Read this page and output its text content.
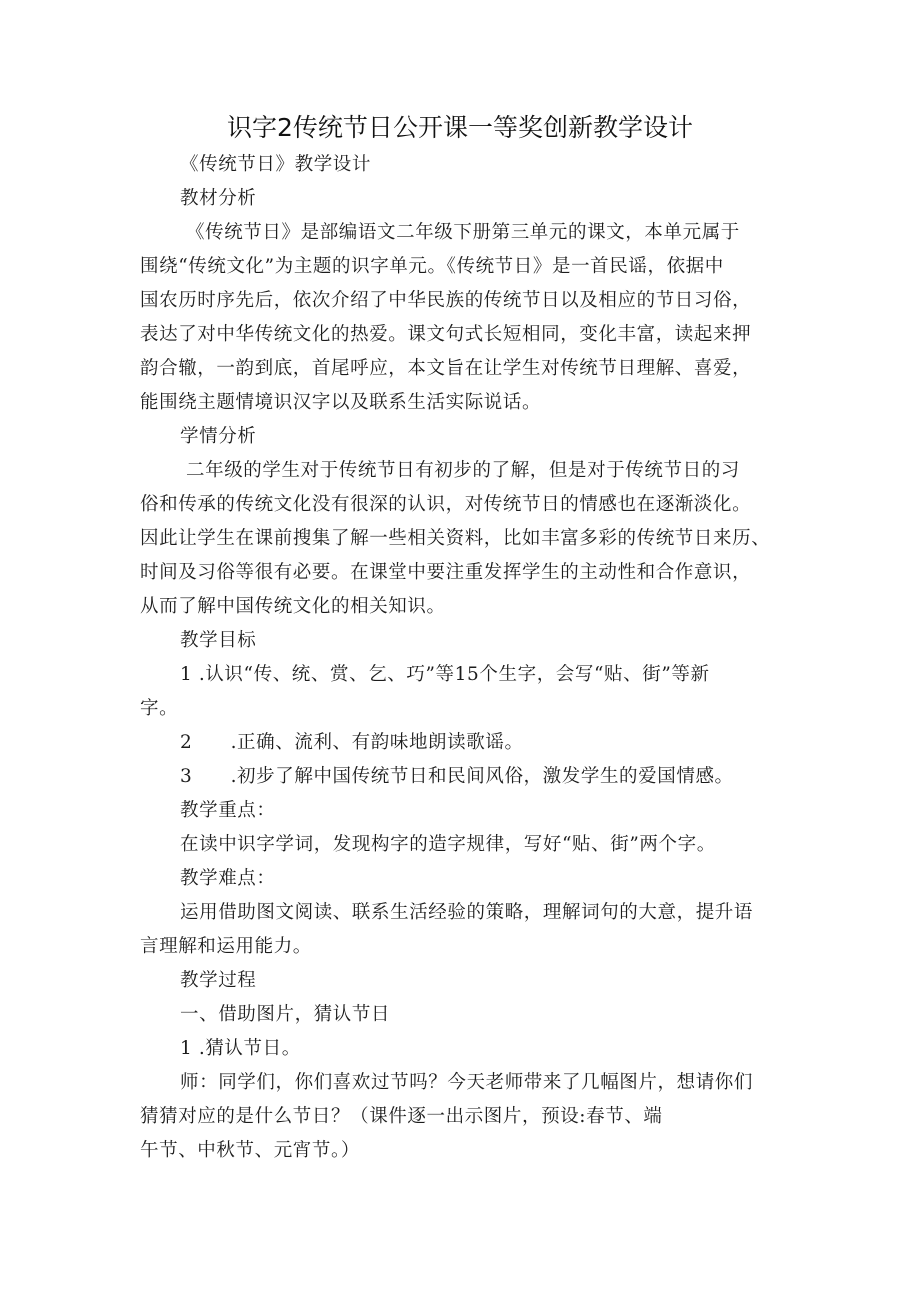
识字2传统节日公开课一等奖创新教学设计
《传统节日》教学设计
教材分析
《传统节日》是部编语文二年级下册第三单元的课文，本单元属于
围绕“传统文化”为主题的识字单元。《传统节日》是一首民谣，依据中
国农历时序先后，依次介绍了中华民族的传统节日以及相应的节日习俗，
表达了对中华传统文化的热爱。课文句式长短相同，变化丰富，读起来押
韵合辙，一韵到底，首尾呼应，本文旨在让学生对传统节日理解、喜爱，
能围绕主题情境识汉字以及联系生活实际说话。
学情分析
二年级的学生对于传统节日有初步的了解，但是对于传统节日的习
俗和传承的传统文化没有很深的认识，对传统节日的情感也在逐渐淡化。
因此让学生在课前搜集了解一些相关资料，比如丰富多彩的传统节日来历、
时间及习俗等很有必要。在课堂中要注重发挥学生的主动性和合作意识，
从而了解中国传统文化的相关知识。
教学目标
1 .认识“传、统、赏、乞、巧”等15个生字，会写“贴、街”等新
字。
2　　.正确、流利、有韵味地朗读歌谣。
3　　.初步了解中国传统节日和民间风俗，激发学生的爱国情感。
教学重点：
在读中识字学词，发现构字的造字规律，写好“贴、街”两个字。
教学难点：
运用借助图文阅读、联系生活经验的策略，理解词句的大意，提升语
言理解和运用能力。
教学过程
一、借助图片，猜认节日
1 .猜认节日。
师：同学们，你们喜欢过节吗？今天老师带来了几幅图片，想请你们
猜猜对应的是什么节日？（课件逐一出示图片，预设:春节、端
午节、中秋节、元宵节。）
